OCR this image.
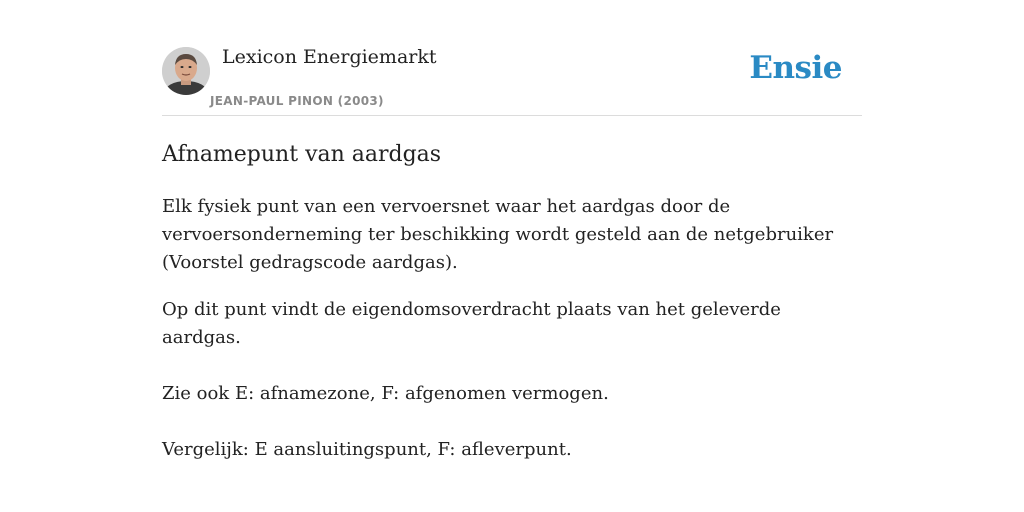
Lexicon Energiemarkt
JEAN-PAUL PINON (2003)
Ensie
Afnamepunt van aardgas

Elk fysiek punt van een vervoersnet waar het aardgas door de vervoersonderneming ter beschikking wordt gesteld aan de netgebruiker (Voorstel gedragscode aardgas).

Op dit punt vindt de eigendomsoverdracht plaats van het geleverde aardgas.

Zie ook E: afnamezone, F: afgenomen vermogen.

Vergelijk: E aansluitingspunt, F: afleverpunt.
